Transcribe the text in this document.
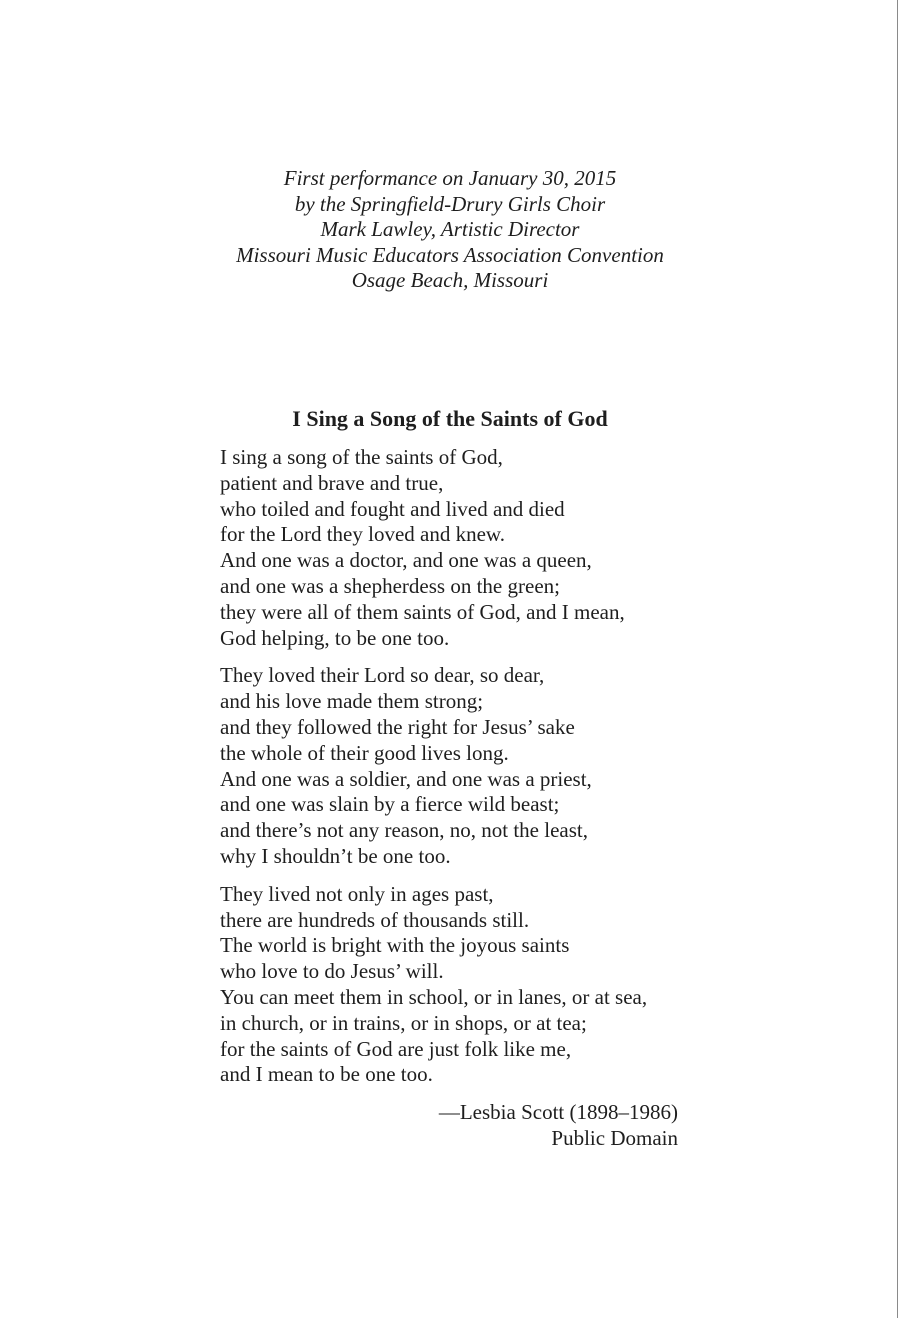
First performance on January 30, 2015
by the Springfield-Drury Girls Choir
Mark Lawley, Artistic Director
Missouri Music Educators Association Convention
Osage Beach, Missouri
I Sing a Song of the Saints of God
I sing a song of the saints of God,
patient and brave and true,
who toiled and fought and lived and died
for the Lord they loved and knew.
And one was a doctor, and one was a queen,
and one was a shepherdess on the green;
they were all of them saints of God, and I mean,
God helping, to be one too.
They loved their Lord so dear, so dear,
and his love made them strong;
and they followed the right for Jesus’ sake
the whole of their good lives long.
And one was a soldier, and one was a priest,
and one was slain by a fierce wild beast;
and there’s not any reason, no, not the least,
why I shouldn’t be one too.
They lived not only in ages past,
there are hundreds of thousands still.
The world is bright with the joyous saints
who love to do Jesus’ will.
You can meet them in school, or in lanes, or at sea,
in church, or in trains, or in shops, or at tea;
for the saints of God are just folk like me,
and I mean to be one too.
—Lesbia Scott (1898–1986)
Public Domain
